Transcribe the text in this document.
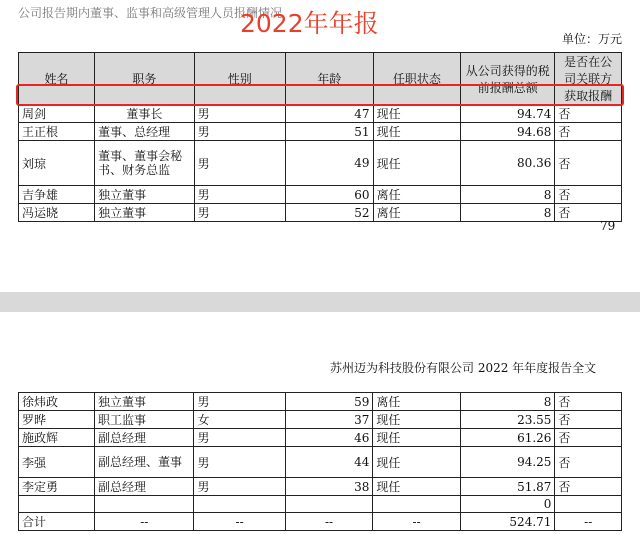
公司报告期内董事、监事和高级管理人员报酬情况
2022年年报
单位：万元
姓名	职务	性别	年龄	任职状态	从公司获得的税前报酬总额	是否在公司关联方获取报酬
周剑	董事长	男	47	现任	94.74	否
王正根	董事、总经理	男	51	现任	94.68	否
刘琼	董事、董事会秘书、财务总监	男	49	现任	80.36	否
吉争雄	独立董事	男	60	离任	8	否
冯运晓	独立董事	男	52	离任	8	否
79
苏州迈为科技股份有限公司 2022 年年度报告全文
徐炜政	独立董事	男	59	离任	8	否
罗晔	职工监事	女	37	现任	23.55	否
施政辉	副总经理	男	46	现任	61.26	否
李强	副总经理、董事	男	44	现任	94.25	否
李定勇	副总经理	男	38	现任	51.87	否
					0	
合计	--	--	--	--	524.71	--
